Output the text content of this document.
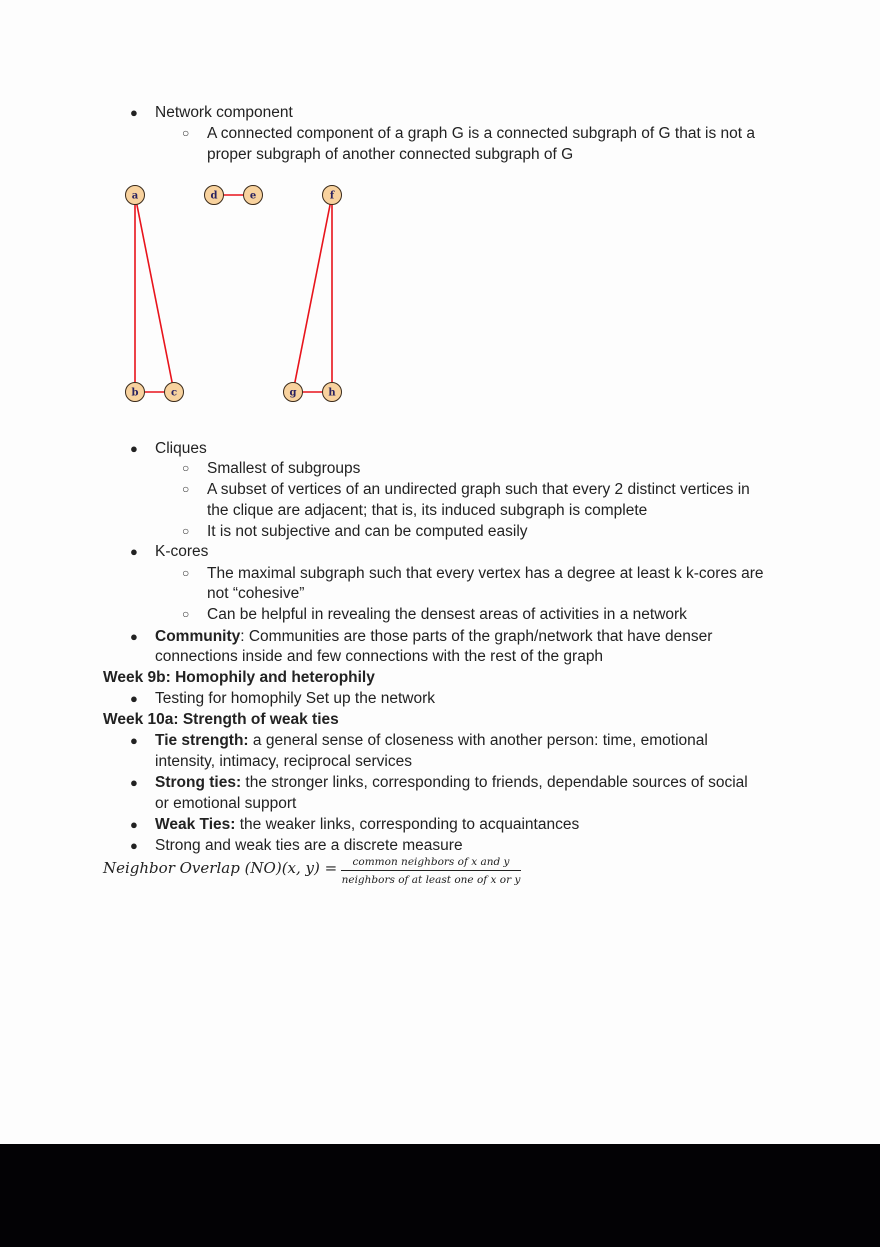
● Network component
○ A connected component of a graph G is a connected subgraph of G that is not a
proper subgraph of another connected subgraph of G
a	d	e	f
b	c	g	h
● Cliques
○ Smallest of subgroups
○ A subset of vertices of an undirected graph such that every 2 distinct vertices in
the clique are adjacent; that is, its induced subgraph is complete
○ It is not subjective and can be computed easily
● K-cores
○ The maximal subgraph such that every vertex has a degree at least k k-cores are
not “cohesive”
○ Can be helpful in revealing the densest areas of activities in a network
● Community: Communities are those parts of the graph/network that have denser
connections inside and few connections with the rest of the graph
Week 9b: Homophily and heterophily
● Testing for homophily Set up the network
Week 10a: Strength of weak ties
● Tie strength: a general sense of closeness with another person: time, emotional
intensity, intimacy, reciprocal services
● Strong ties: the stronger links, corresponding to friends, dependable sources of social
or emotional support
● Weak Ties: the weaker links, corresponding to acquaintances
● Strong and weak ties are a discrete measure
Neighbor Overlap (NO)(x, y) =	common neighbors of x and y
neighbors of at least one of x or y
